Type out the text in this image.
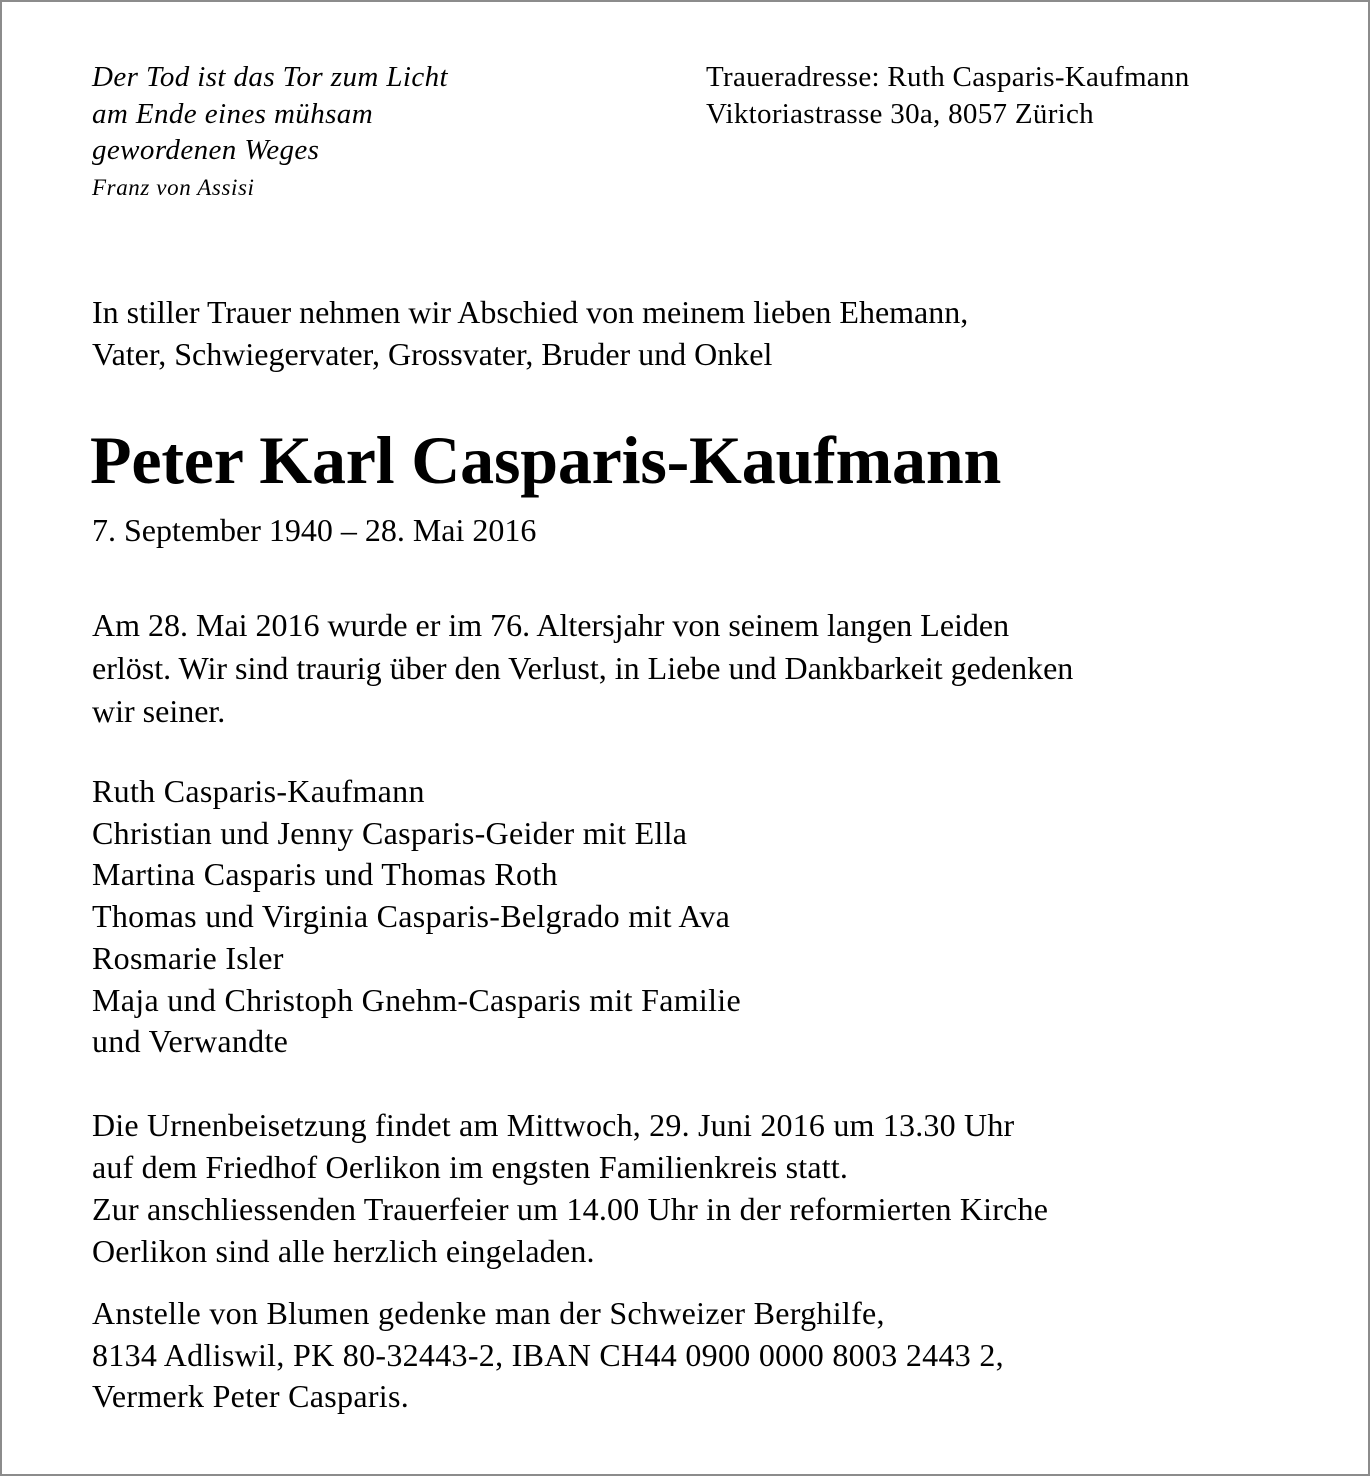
Der Tod ist das Tor zum Licht
am Ende eines mühsam
gewordenen Weges
Franz von Assisi
Traueradresse: Ruth Casparis-Kaufmann
Viktoriastrasse 30a, 8057 Zürich
In stiller Trauer nehmen wir Abschied von meinem lieben Ehemann,
Vater, Schwiegervater, Grossvater, Bruder und Onkel
Peter Karl Casparis-Kaufmann
7. September 1940 – 28. Mai 2016
Am 28. Mai 2016 wurde er im 76. Altersjahr von seinem langen Leiden
erlöst. Wir sind traurig über den Verlust, in Liebe und Dankbarkeit gedenken
wir seiner.
Ruth Casparis-Kaufmann
Christian und Jenny Casparis-Geider mit Ella
Martina Casparis und Thomas Roth
Thomas und Virginia Casparis-Belgrado mit Ava
Rosmarie Isler
Maja und Christoph Gnehm-Casparis mit Familie
und Verwandte
Die Urnenbeisetzung findet am Mittwoch, 29. Juni 2016 um 13.30 Uhr
auf dem Friedhof Oerlikon im engsten Familienkreis statt.
Zur anschliessenden Trauerfeier um 14.00 Uhr in der reformierten Kirche
Oerlikon sind alle herzlich eingeladen.
Anstelle von Blumen gedenke man der Schweizer Berghilfe,
8134 Adliswil, PK 80-32443-2, IBAN CH44 0900 0000 8003 2443 2,
Vermerk Peter Casparis.
